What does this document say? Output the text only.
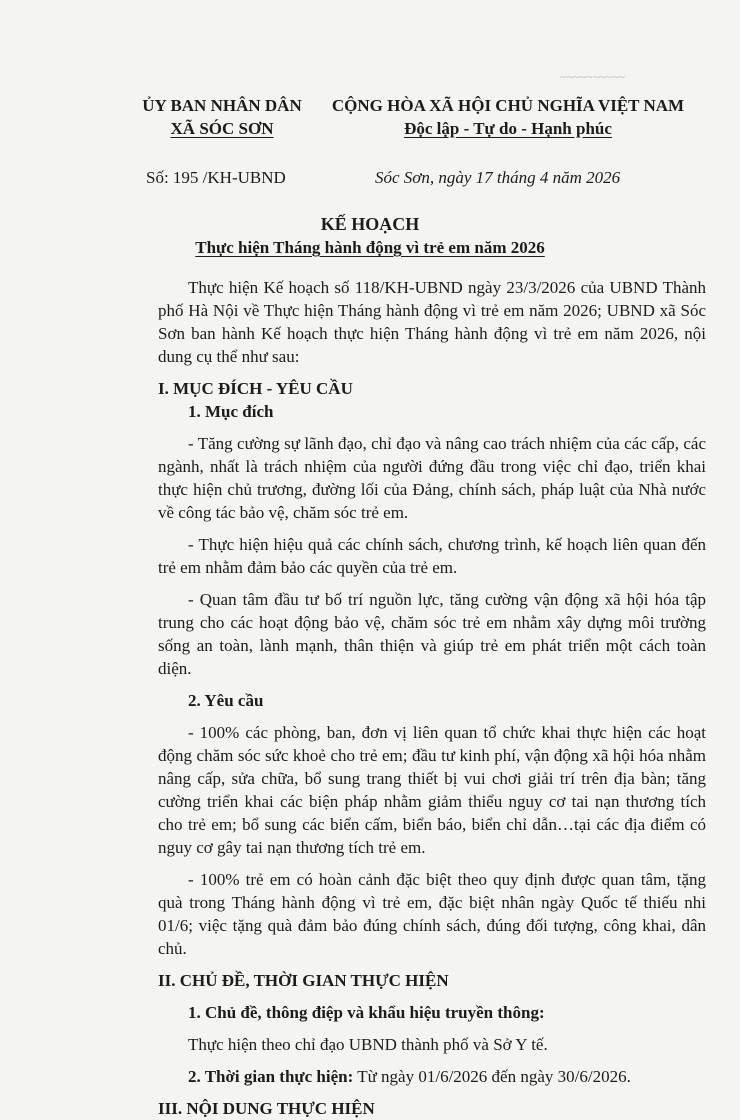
~~~~~~~~~~
ỦY BAN NHÂN DÂN
XÃ SÓC SƠN
CỘNG HÒA XÃ HỘI CHỦ NGHĨA VIỆT NAM
Độc lập - Tự do - Hạnh phúc
Số: 195 /KH-UBND	Sóc Sơn, ngày 17 tháng 4 năm 2026
KẾ HOẠCH
Thực hiện Tháng hành động vì trẻ em năm 2026

Thực hiện Kế hoạch số 118/KH-UBND ngày 23/3/2026 của UBND Thành phố Hà Nội về Thực hiện Tháng hành động vì trẻ em năm 2026; UBND xã Sóc Sơn ban hành Kế hoạch thực hiện Tháng hành động vì trẻ em năm 2026, nội dung cụ thể như sau:

I. MỤC ĐÍCH - YÊU CẦU
1. Mục đích

- Tăng cường sự lãnh đạo, chỉ đạo và nâng cao trách nhiệm của các cấp, các ngành, nhất là trách nhiệm của người đứng đầu trong việc chỉ đạo, triển khai thực hiện chủ trương, đường lối của Đảng, chính sách, pháp luật của Nhà nước về công tác bảo vệ, chăm sóc trẻ em.

- Thực hiện hiệu quả các chính sách, chương trình, kế hoạch liên quan đến trẻ em nhằm đảm bảo các quyền của trẻ em.

- Quan tâm đầu tư bố trí nguồn lực, tăng cường vận động xã hội hóa tập trung cho các hoạt động bảo vệ, chăm sóc trẻ em nhằm xây dựng môi trường sống an toàn, lành mạnh, thân thiện và giúp trẻ em phát triển một cách toàn diện.

2. Yêu cầu

- 100% các phòng, ban, đơn vị liên quan tổ chức khai thực hiện các hoạt động chăm sóc sức khoẻ cho trẻ em; đầu tư kinh phí, vận động xã hội hóa nhằm nâng cấp, sửa chữa, bổ sung trang thiết bị vui chơi giải trí trên địa bàn; tăng cường triển khai các biện pháp nhằm giảm thiểu nguy cơ tai nạn thương tích cho trẻ em; bổ sung các biển cấm, biển báo, biển chỉ dẫn…tại các địa điểm có nguy cơ gây tai nạn thương tích trẻ em.

- 100% trẻ em có hoàn cảnh đặc biệt theo quy định được quan tâm, tặng quà trong Tháng hành động vì trẻ em, đặc biệt nhân ngày Quốc tế thiếu nhi 01/6; việc tặng quà đảm bảo đúng chính sách, đúng đối tượng, công khai, dân chủ.

II. CHỦ ĐỀ, THỜI GIAN THỰC HIỆN
1. Chủ đề, thông điệp và khẩu hiệu truyền thông:

Thực hiện theo chỉ đạo UBND thành phố và Sở Y tế.

2. Thời gian thực hiện: Từ ngày 01/6/2026 đến ngày 30/6/2026.

III. NỘI DUNG THỰC HIỆN
